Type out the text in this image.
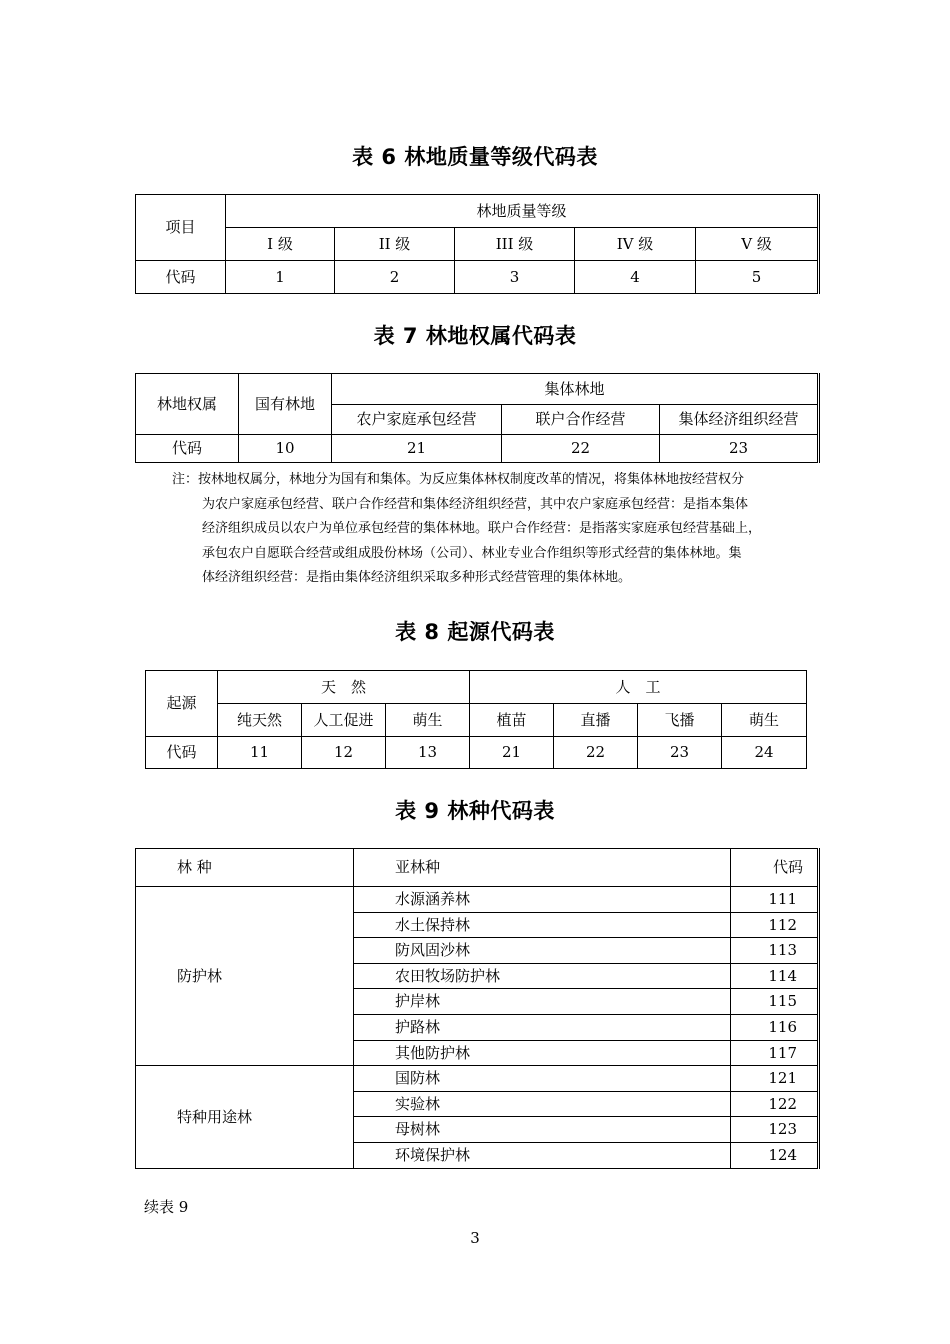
表 6 林地质量等级代码表
项目	林地质量等级				
	I 级	II 级	III 级	IV 级	V 级
代码	1	2	3	4	5
表 7 林地权属代码表
林地权属	国有林地	集体林地		
		农户家庭承包经营	联户合作经营	集体经济组织经营
代码	10	21	22	23

注：按林地权属分，林地分为国有和集体。为反应集体林权制度改革的情况，将集体林地按经营权分

为农户家庭承包经营、联户合作经营和集体经济组织经营，其中农户家庭承包经营：是指本集体

经济组织成员以农户为单位承包经营的集体林地。联户合作经营：是指落实家庭承包经营基础上，

承包农户自愿联合经营或组成股份林场（公司）、林业专业合作组织等形式经营的集体林地。集

体经济组织经营：是指由集体经济组织采取多种形式经营管理的集体林地。

表 8 起源代码表
起源	天　然			人　工			
	纯天然	人工促进	萌生	植苗	直播	飞播	萌生
代码	11	12	13	21	22	23	24
表 9 林种代码表
林 种	亚林种	代码
防护林	水源涵养林	111
	水土保持林	112
	防风固沙林	113
	农田牧场防护林	114
	护岸林	115
	护路林	116
	其他防护林	117
特种用途林	国防林	121
	实验林	122
	母树林	123
	环境保护林	124
续表 9
3
